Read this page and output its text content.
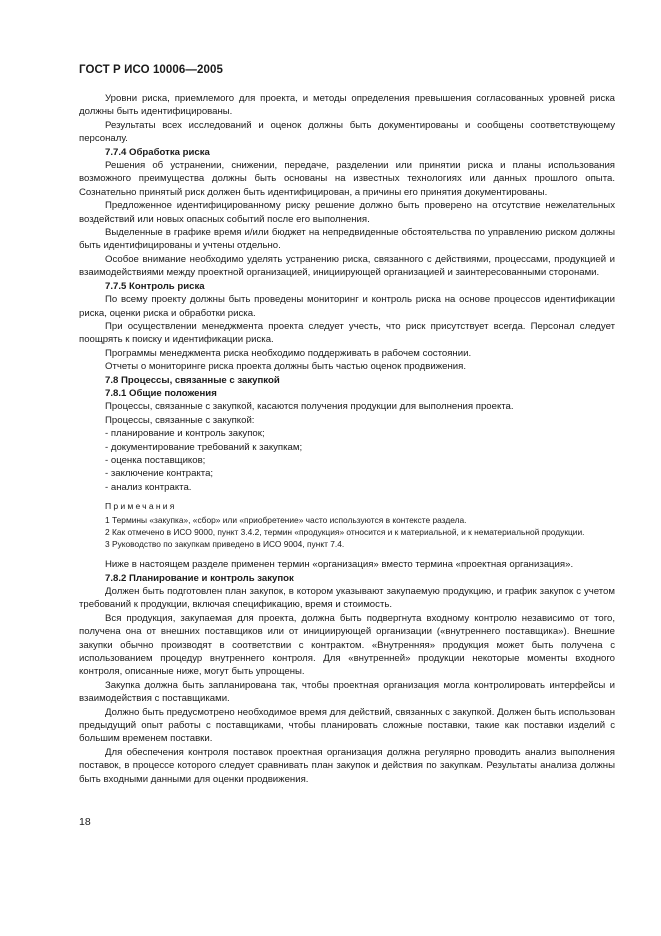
ГОСТ Р ИСО 10006—2005

Уровни риска, приемлемого для проекта, и методы определения превышения согласованных уровней риска должны быть идентифицированы.

Результаты всех исследований и оценок должны быть документированы и сообщены соответствующему персоналу.

7.7.4 Обработка риска

Решения об устранении, снижении, передаче, разделении или принятии риска и планы использования возможного преимущества должны быть основаны на известных технологиях или данных прошлого опыта. Сознательно принятый риск должен быть идентифицирован, а причины его принятия документированы.

Предложенное идентифицированному риску решение должно быть проверено на отсутствие нежелательных воздействий или новых опасных событий после его выполнения.

Выделенные в графике время и/или бюджет на непредвиденные обстоятельства по управлению риском должны быть идентифицированы и учтены отдельно.

Особое внимание необходимо уделять устранению риска, связанного с действиями, процессами, продукцией и взаимодействиями между проектной организацией, инициирующей организацией и заинтересованными сторонами.

7.7.5 Контроль риска

По всему проекту должны быть проведены мониторинг и контроль риска на основе процессов идентификации риска, оценки риска и обработки риска.

При осуществлении менеджмента проекта следует учесть, что риск присутствует всегда. Персонал следует поощрять к поиску и идентификации риска.

Программы менеджмента риска необходимо поддерживать в рабочем состоянии.

Отчеты о мониторинге риска проекта должны быть частью оценок продвижения.

7.8 Процессы, связанные с закупкой

7.8.1 Общие положения

Процессы, связанные с закупкой, касаются получения продукции для выполнения проекта.

Процессы, связанные с закупкой:

- планирование и контроль закупок;

- документирование требований к закупкам;

- оценка поставщиков;

- заключение контракта;

- анализ контракта.

Примечания

1 Термины «закупка», «сбор» или «приобретение» часто используются в контексте раздела.

2 Как отмечено в ИСО 9000, пункт 3.4.2, термин «продукция» относится и к материальной, и к нематериальной продукции.

3 Руководство по закупкам приведено в ИСО 9004, пункт 7.4.

Ниже в настоящем разделе применен термин «организация» вместо термина «проектная организация».

7.8.2 Планирование и контроль закупок

Должен быть подготовлен план закупок, в котором указывают закупаемую продукцию, и график закупок с учетом требований к продукции, включая спецификацию, время и стоимость.

Вся продукция, закупаемая для проекта, должна быть подвергнута входному контролю независимо от того, получена она от внешних поставщиков или от инициирующей организации («внутреннего поставщика»). Внешние закупки обычно производят в соответствии с контрактом. «Внутренняя» продукция может быть получена с использованием процедур внутреннего контроля. Для «внутренней» продукции некоторые моменты входного контроля, описанные ниже, могут быть упрощены.

Закупка должна быть запланирована так, чтобы проектная организация могла контролировать интерфейсы и взаимодействия с поставщиками.

Должно быть предусмотрено необходимое время для действий, связанных с закупкой. Должен быть использован предыдущий опыт работы с поставщиками, чтобы планировать сложные поставки, такие как поставки изделий с большим временем поставки.

Для обеспечения контроля поставок проектная организация должна регулярно проводить анализ выполнения поставок, в процессе которого следует сравнивать план закупок и действия по закупкам. Результаты анализа должны быть входными данными для оценки продвижения.

18
